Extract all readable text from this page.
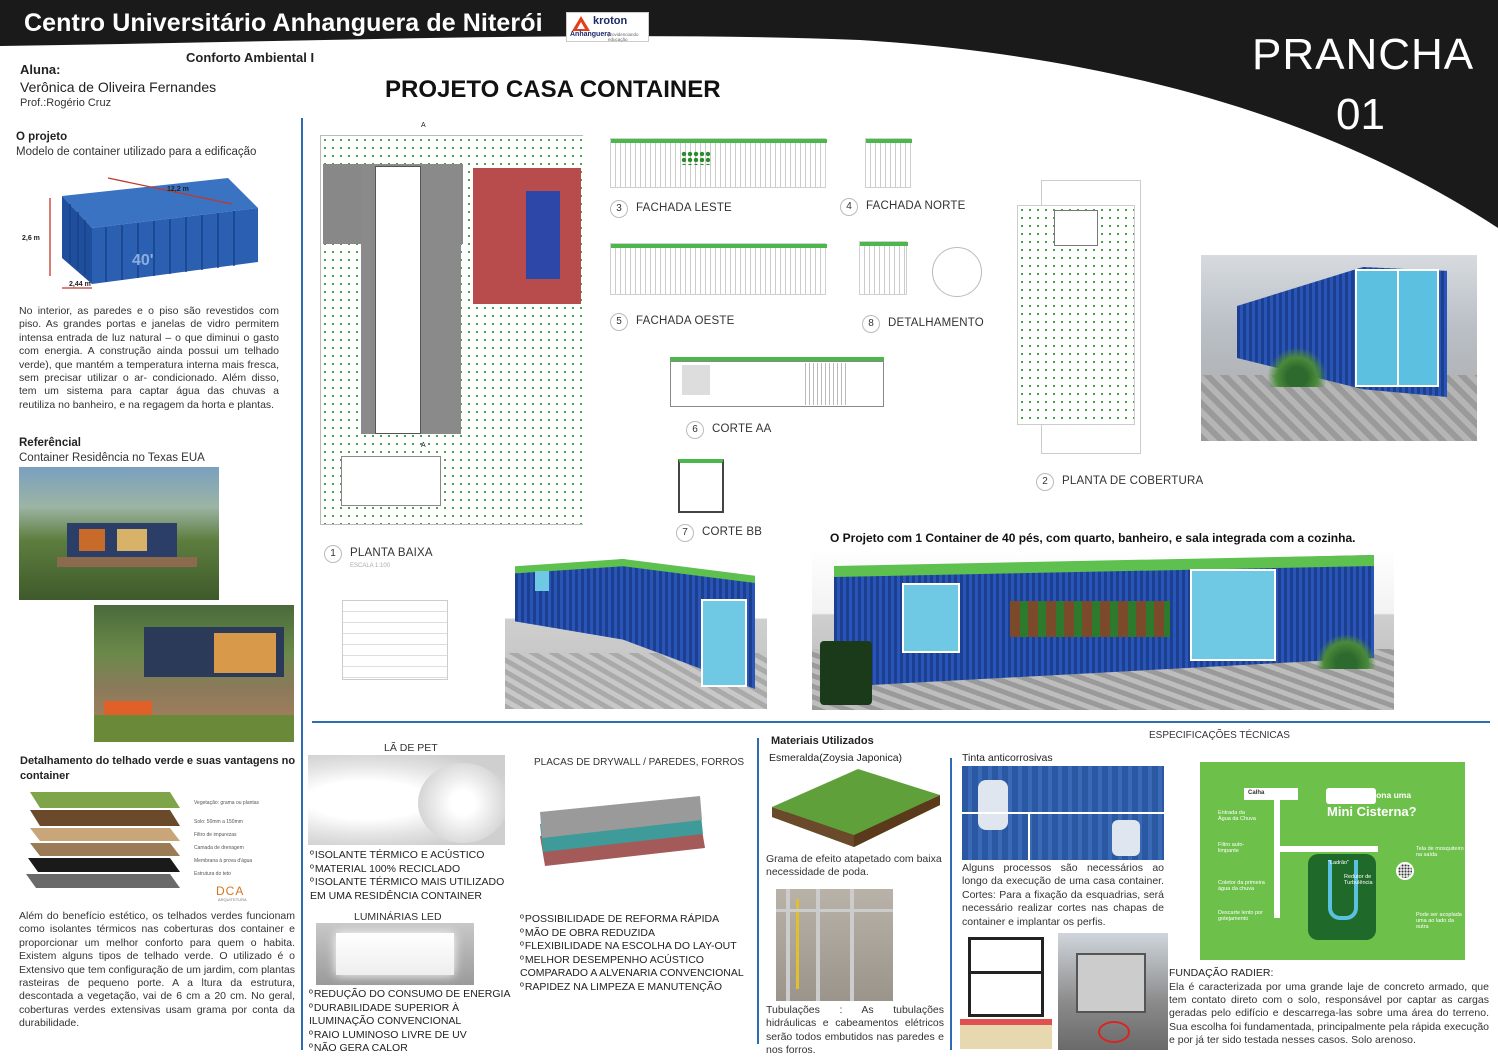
Centro Universitário Anhanguera de Niterói	kroton
Anhanguera
providenciando educação	PRANCHA
01
Conforto Ambiental I
Aluna:
Verônica de Oliveira Fernandes
Prof.:Rogério Cruz	PROJETO CASA CONTAINER
O projeto
Modelo de container utilizado para a edificação
12,2 m
2,6 m
2,44 m
40'
No interior, as paredes e o piso são revestidos com piso. As grandes portas e janelas de vidro permitem intensa entrada de luz natural – o que diminui o gasto com energia. A construção ainda possui um telhado verde), que mantém a temperatura interna mais fresca, sem precisar utilizar o ar- condicionado. Além disso, tem um sistema para captar água das chuvas a reutiliza no banheiro, e na regagem da horta e plantas.
Referêncial
Container Residência no Texas EUA
Detalhamento do telhado verde e suas vantagens no container
Vegetação: grama ou plantas
Solo: 50mm a 150mm
Filtro de impurezas
Camada de drenagem
Membrana à prova d'água
Estrutura do teto
DCA
ARQUITETURA
Além do benefício estético, os telhados verdes funcionam como isolantes térmicos nas coberturas dos container e proporcionar um melhor conforto para quem o habita. Existem alguns tipos de telhado verde. O utilizado é o Extensivo que tem configuração de um jardim, com plantas rasteiras de pequeno porte. A a ltura da estrutura, descontada a vegetação, vai de 6 cm a 20 cm. No geral, coberturas verdes extensivas usam grama por conta da durabilidade.
A
A
1 PLANTA BAIXA
ESCALA 1:100
3 FACHADA LESTE	4 FACHADA NORTE
5 FACHADA OESTE	8 DETALHAMENTO
6 CORTE AA
7 CORTE BB
2 PLANTA DE COBERTURA
O Projeto com 1 Container de 40 pés, com quarto, banheiro, e sala integrada com a cozinha.
Materiais Utilizados	ESPECIFICAÇÕES TÉCNICAS
LÃ DE PET
º ISOLANTE TÉRMICO E ACÚSTICO
º MATERIAL 100% RECICLADO
º ISOLANTE TÉRMICO MAIS UTILIZADO EM UMA RESIDÊNCIA CONTAINER
LUMINÁRIAS LED
º REDUÇÃO DO CONSUMO DE ENERGIA
º DURABILIDADE SUPERIOR À ILUMINAÇÃO CONVENCIONAL
º RAIO LUMINOSO LIVRE DE UV
º NÃO GERA CALOR
PLACAS DE DRYWALL / PAREDES, FORROS
º POSSIBILIDADE DE REFORMA RÁPIDA
º MÃO DE OBRA REDUZIDA
º FLEXIBILIDADE NA ESCOLHA DO LAY-OUT
º MELHOR DESEMPENHO ACÚSTICO COMPARADO A ALVENARIA CONVENCIONAL
º RAPIDEZ NA LIMPEZA E MANUTENÇÃO
Esmeralda(Zoysia Japonica)
Grama de efeito atapetado com baixa necessidade de poda.
Tubulações : As tubulações hidráulicas e cabeamentos elétricos serão todos embutidos nas paredes e nos forros.
Tinta anticorrosivas
Alguns processos são necessários ao longo da execução de uma casa container. Cortes: Para a fixação da esquadrias, será necessário realizar cortes nas chapas de container e implantar os perfis.
Calha	Como Funciona uma
Mini Cisterna?
Entrada da Água da Chuva
Filtro auto-limpante
Coletor da primeira água da chuva
Descarte lento por gotejamento
"Ladrão"
Redutor de Turbulência
Tela de mosquiteiro na saída
Pode ser acoplada uma ao lado da outra
FUNDAÇÃO RADIER:
Ela é caracterizada por uma grande laje de concreto armado, que tem contato direto com o solo, responsável por captar as cargas geradas pelo edifício e descarrega-las sobre uma área do terreno. Sua escolha foi fundamentada, principalmente pela rápida execução e por já ter sido testada nesses casos. Solo arenoso.
